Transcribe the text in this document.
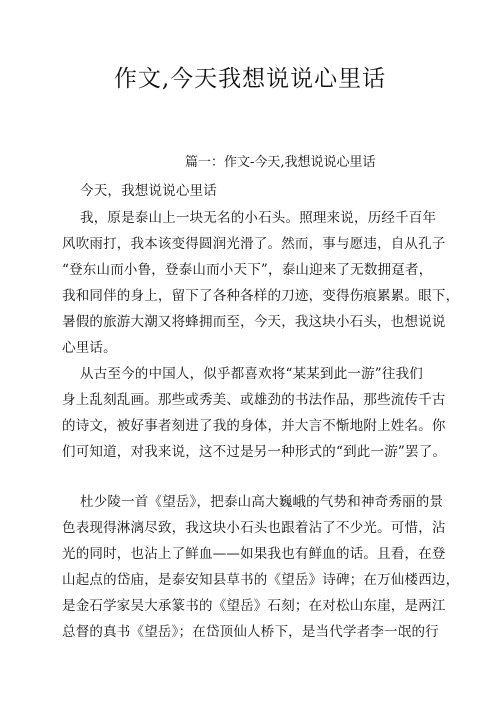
作文,今天我想说说心里话
篇一：作文-今天,我想说说心里话
今天，我想说说心里话
我，原是泰山上一块无名的小石头。照理来说，历经千百年
风吹雨打，我本该变得圆润光滑了。然而，事与愿违，自从孔子
“登东山而小鲁，登泰山而小天下”，泰山迎来了无数拥趸者，
我和同伴的身上，留下了各种各样的刀迹，变得伤痕累累。眼下，
暑假的旅游大潮又将蜂拥而至，今天，我这块小石头，也想说说
心里话。
从古至今的中国人，似乎都喜欢将“某某到此一游”往我们
身上乱刻乱画。那些或秀美、或雄劲的书法作品，那些流传千古
的诗文，被好事者刻进了我的身体，并大言不惭地附上姓名。你
们可知道，对我来说，这不过是另一种形式的“到此一游”罢了。
杜少陵一首《望岳》，把泰山高大巍峨的气势和神奇秀丽的景
色表现得淋漓尽致，我这块小石头也跟着沾了不少光。可惜，沾
光的同时，也沾上了鲜血——如果我也有鲜血的话。且看，在登
山起点的岱庙，是泰安知县草书的《望岳》诗碑；在万仙楼西边，
是金石学家吴大承篆书的《望岳》石刻；在对松山东崖，是两江
总督的真书《望岳》；在岱顶仙人桥下，是当代学者李一氓的行
